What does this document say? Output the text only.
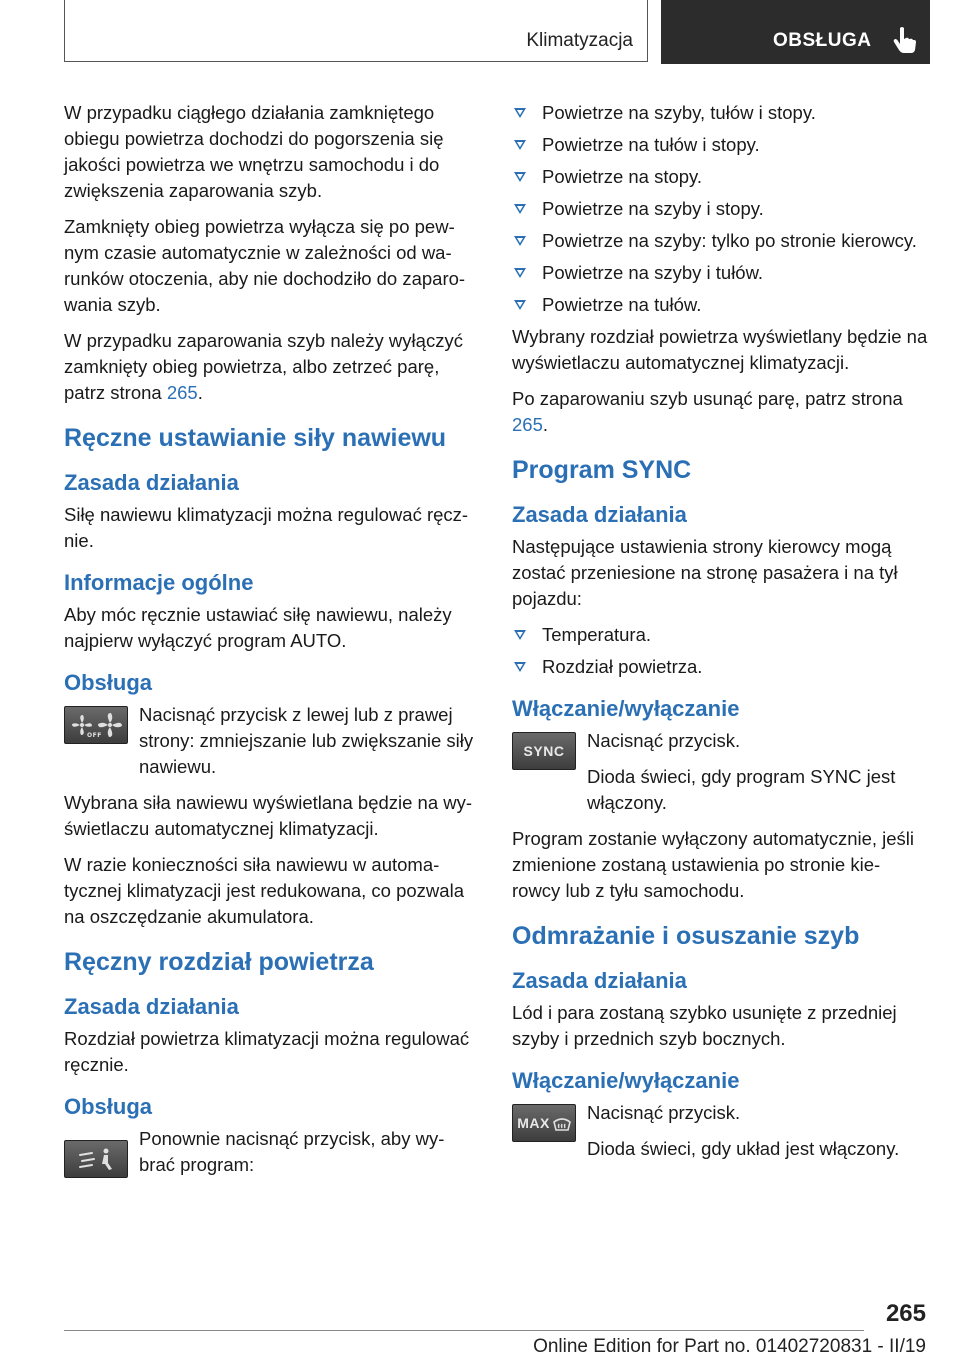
Klimatyzacja	OBSŁUGA

W przypadku ciągłego działania zamkniętego obiegu powietrza dochodzi do pogorszenia się jakości powietrza we wnętrzu samochodu i do zwiększenia zaparowania szyb.

Zamknięty obieg powietrza wyłącza się po pew‐nym czasie automatycznie w zależności od wa‐runków otoczenia, aby nie dochodziło do zaparo‐wania szyb.

W przypadku zaparowania szyb należy wyłączyć zamknięty obieg powietrza, albo zetrzeć parę, patrz strona 265.

Ręczne ustawianie siły nawiewu
Zasada działania

Siłę nawiewu klimatyzacji można regulować ręcz‐nie.

Informacje ogólne

Aby móc ręcznie ustawiać siłę nawiewu, należy najpierw wyłączyć program AUTO.

Obsługa
OFF

Nacisnąć przycisk z lewej lub z prawej strony: zmniejszanie lub zwiększanie siły nawiewu.

Wybrana siła nawiewu wyświetlana będzie na wy‐świetlaczu automatycznej klimatyzacji.

W razie konieczności siła nawiewu w automa‐tycznej klimatyzacji jest redukowana, co pozwala na oszczędzanie akumulatora.

Ręczny rozdział powietrza
Zasada działania

Rozdział powietrza klimatyzacji można regulować ręcznie.

Obsługa

Ponownie nacisnąć przycisk, aby wy‐brać program:

Powietrze na szyby, tułów i stopy.
Powietrze na tułów i stopy.
Powietrze na stopy.
Powietrze na szyby i stopy.
Powietrze na szyby: tylko po stronie kierowcy.
Powietrze na szyby i tułów.
Powietrze na tułów.

Wybrany rozdział powietrza wyświetlany będzie na wyświetlaczu automatycznej klimatyzacji.

Po zaparowaniu szyb usunąć parę, patrz strona 265.

Program SYNC
Zasada działania

Następujące ustawienia strony kierowcy mogą zostać przeniesione na stronę pasażera i na tył pojazdu:

Temperatura.
Rozdział powietrza.
Włączanie/wyłączanie
SYNC Nacisnąć przycisk.

Dioda świeci, gdy program SYNC jest włączony.

Program zostanie wyłączony automatycznie, jeśli zmienione zostaną ustawienia po stronie kie‐rowcy lub z tyłu samochodu.

Odmrażanie i osuszanie szyb
Zasada działania

Lód i para zostaną szybko usunięte z przedniej szyby i przednich szyb bocznych.

Włączanie/wyłączanie
MAX Nacisnąć przycisk.

Dioda świeci, gdy układ jest włączony.

265
Online Edition for Part no. 01402720831 - II/19
